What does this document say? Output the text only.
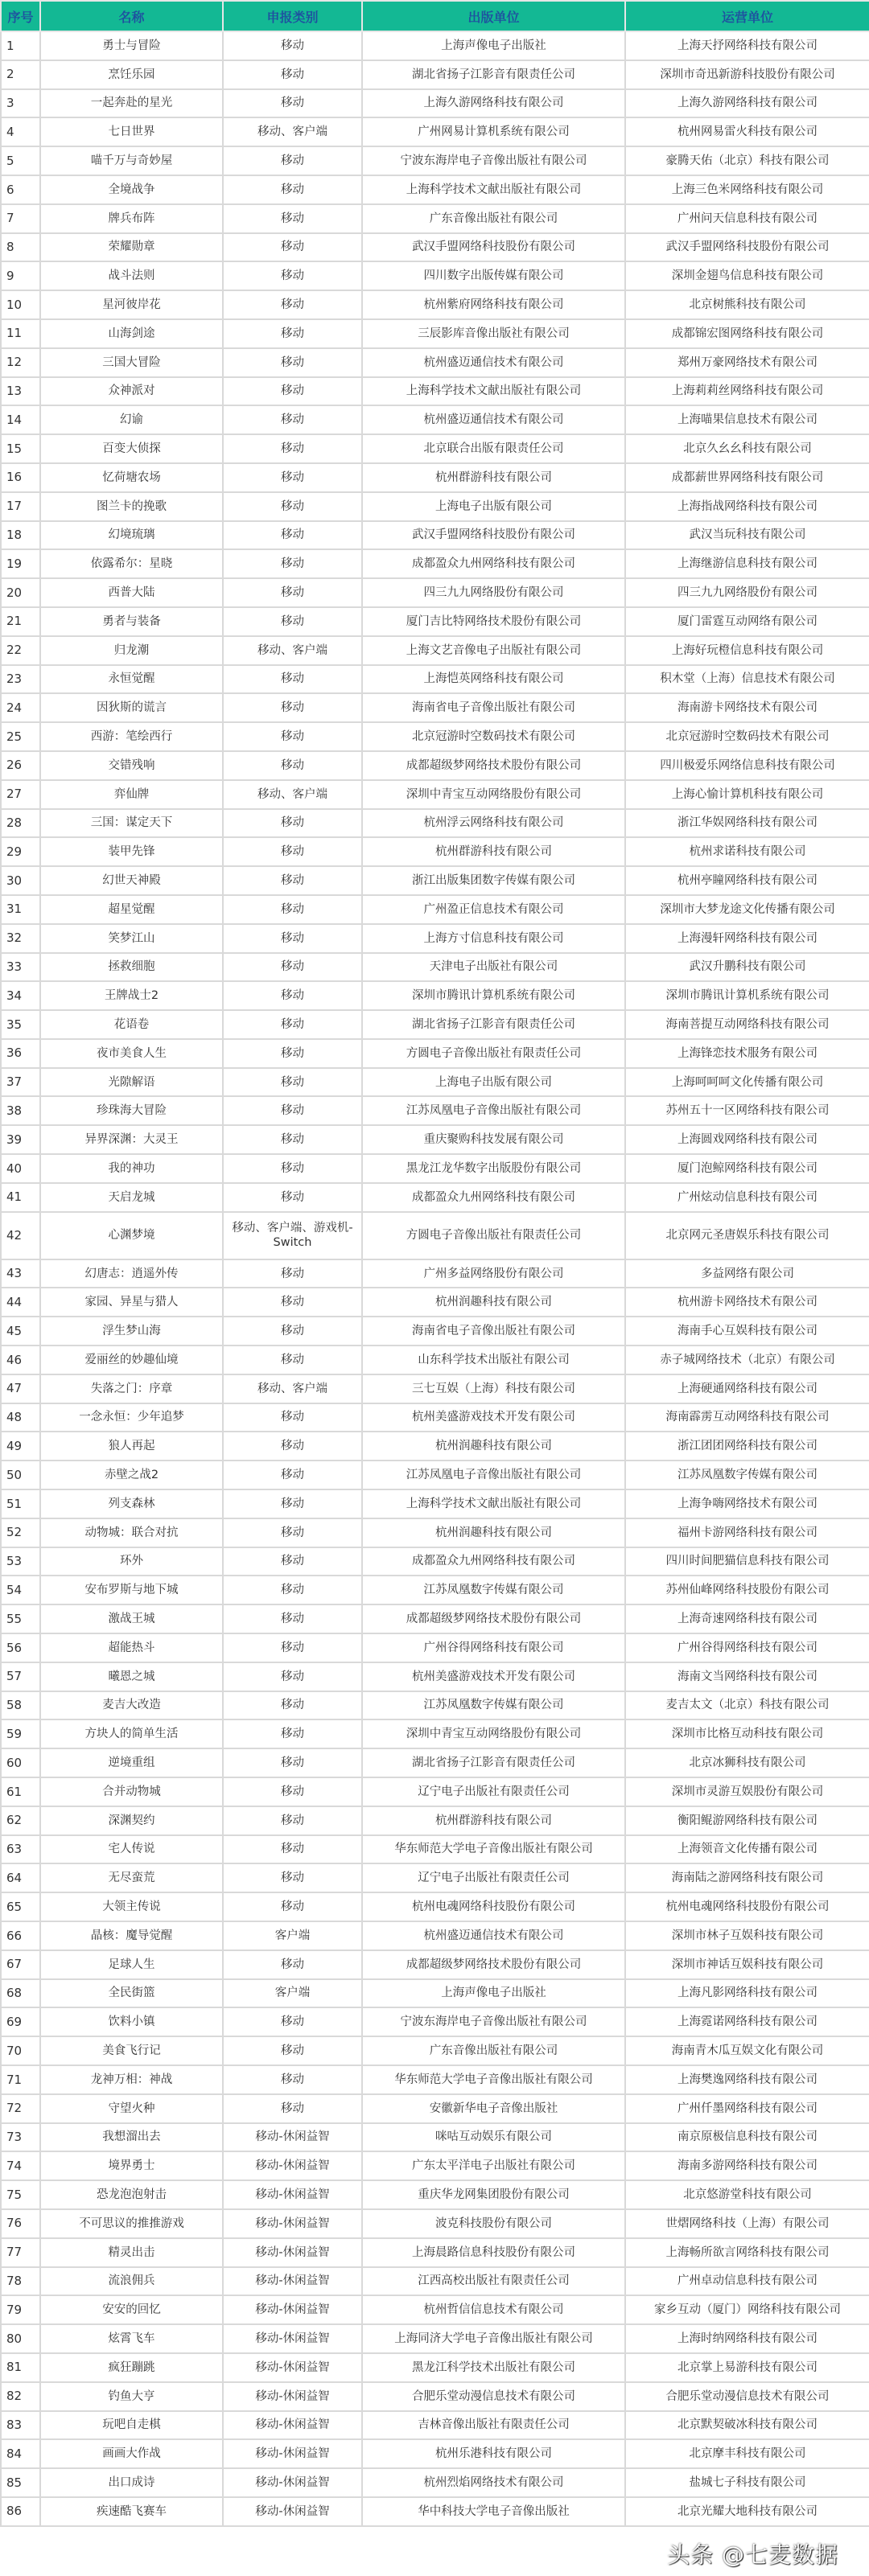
序号	名称	申报类别	出版单位	运营单位
1	勇士与冒险	移动	上海声像电子出版社	上海天抒网络科技有限公司
2	烹饪乐园	移动	湖北省扬子江影音有限责任公司	深圳市奇迅新游科技股份有限公司
3	一起奔赴的星光	移动	上海久游网络科技有限公司	上海久游网络科技有限公司
4	七日世界	移动、客户端	广州网易计算机系统有限公司	杭州网易雷火科技有限公司
5	喵千万与奇妙屋	移动	宁波东海岸电子音像出版社有限公司	豪腾天佑（北京）科技有限公司
6	全境战争	移动	上海科学技术文献出版社有限公司	上海三色米网络科技有限公司
7	牌兵布阵	移动	广东音像出版社有限公司	广州问天信息科技有限公司
8	荣耀勋章	移动	武汉手盟网络科技股份有限公司	武汉手盟网络科技股份有限公司
9	战斗法则	移动	四川数字出版传媒有限公司	深圳金翅鸟信息科技有限公司
10	星河彼岸花	移动	杭州紫府网络科技有限公司	北京树熊科技有限公司
11	山海剑途	移动	三辰影库音像出版社有限公司	成都锦宏图网络科技有限公司
12	三国大冒险	移动	杭州盛迈通信技术有限公司	郑州万豪网络技术有限公司
13	众神派对	移动	上海科学技术文献出版社有限公司	上海莉莉丝网络科技有限公司
14	幻谕	移动	杭州盛迈通信技术有限公司	上海喵果信息技术有限公司
15	百变大侦探	移动	北京联合出版有限责任公司	北京久幺幺科技有限公司
16	忆荷塘农场	移动	杭州群游科技有限公司	成都薪世界网络科技有限公司
17	图兰卡的挽歌	移动	上海电子出版有限公司	上海指战网络科技有限公司
18	幻境琉璃	移动	武汉手盟网络科技股份有限公司	武汉当玩科技有限公司
19	依露希尔：星晓	移动	成都盈众九州网络科技有限公司	上海继游信息科技有限公司
20	西普大陆	移动	四三九九网络股份有限公司	四三九九网络股份有限公司
21	勇者与装备	移动	厦门吉比特网络技术股份有限公司	厦门雷霆互动网络有限公司
22	归龙潮	移动、客户端	上海文艺音像电子出版社有限公司	上海好玩橙信息科技有限公司
23	永恒觉醒	移动	上海恺英网络科技有限公司	积木堂（上海）信息技术有限公司
24	因狄斯的谎言	移动	海南省电子音像出版社有限公司	海南游卡网络技术有限公司
25	西游：笔绘西行	移动	北京冠游时空数码技术有限公司	北京冠游时空数码技术有限公司
26	交错残响	移动	成都超级梦网络技术股份有限公司	四川极爱乐网络信息科技有限公司
27	弈仙牌	移动、客户端	深圳中青宝互动网络股份有限公司	上海心愉计算机科技有限公司
28	三国：谋定天下	移动	杭州浮云网络科技有限公司	浙江华娱网络科技有限公司
29	装甲先锋	移动	杭州群游科技有限公司	杭州求诺科技有限公司
30	幻世天神殿	移动	浙江出版集团数字传媒有限公司	杭州亭瞳网络科技有限公司
31	超星觉醒	移动	广州盈正信息技术有限公司	深圳市大梦龙途文化传播有限公司
32	笑梦江山	移动	上海方寸信息科技有限公司	上海漫轩网络科技有限公司
33	拯救细胞	移动	天津电子出版社有限公司	武汉升鹏科技有限公司
34	王牌战士2	移动	深圳市腾讯计算机系统有限公司	深圳市腾讯计算机系统有限公司
35	花语卷	移动	湖北省扬子江影音有限责任公司	海南菩提互动网络科技有限公司
36	夜市美食人生	移动	方圆电子音像出版社有限责任公司	上海锋恋技术服务有限公司
37	光隙解语	移动	上海电子出版有限公司	上海呵呵呵文化传播有限公司
38	珍珠海大冒险	移动	江苏凤凰电子音像出版社有限公司	苏州五十一区网络科技有限公司
39	异界深渊：大灵王	移动	重庆聚购科技发展有限公司	上海圆戏网络科技有限公司
40	我的神功	移动	黑龙江龙华数字出版股份有限公司	厦门泡鲸网络科技有限公司
41	天启龙城	移动	成都盈众九州网络科技有限公司	广州炫动信息科技有限公司
42	心渊梦境	移动、客户端、游戏机-Switch	方圆电子音像出版社有限责任公司	北京网元圣唐娱乐科技有限公司
43	幻唐志：逍遥外传	移动	广州多益网络股份有限公司	多益网络有限公司
44	家园、异星与猎人	移动	杭州润趣科技有限公司	杭州游卡网络技术有限公司
45	浮生梦山海	移动	海南省电子音像出版社有限公司	海南手心互娱科技有限公司
46	爱丽丝的妙趣仙境	移动	山东科学技术出版社有限公司	赤子城网络技术（北京）有限公司
47	失落之门：序章	移动、客户端	三七互娱（上海）科技有限公司	上海硬通网络科技有限公司
48	一念永恒：少年追梦	移动	杭州美盛游戏技术开发有限公司	海南霹雳互动网络科技有限公司
49	狼人再起	移动	杭州润趣科技有限公司	浙江团团网络科技有限公司
50	赤壁之战2	移动	江苏凤凰电子音像出版社有限公司	江苏凤凰数字传媒有限公司
51	列支森林	移动	上海科学技术文献出版社有限公司	上海争嗨网络技术有限公司
52	动物城：联合对抗	移动	杭州润趣科技有限公司	福州卡游网络科技有限公司
53	环外	移动	成都盈众九州网络科技有限公司	四川时间肥猫信息科技有限公司
54	安布罗斯与地下城	移动	江苏凤凰数字传媒有限公司	苏州仙峰网络科技股份有限公司
55	激战王城	移动	成都超级梦网络技术股份有限公司	上海奇速网络科技有限公司
56	超能热斗	移动	广州谷得网络科技有限公司	广州谷得网络科技有限公司
57	曦恩之城	移动	杭州美盛游戏技术开发有限公司	海南文当网络科技有限公司
58	麦吉大改造	移动	江苏凤凰数字传媒有限公司	麦吉太文（北京）科技有限公司
59	方块人的简单生活	移动	深圳中青宝互动网络股份有限公司	深圳市比格互动科技有限公司
60	逆境重组	移动	湖北省扬子江影音有限责任公司	北京冰狮科技有限公司
61	合并动物城	移动	辽宁电子出版社有限责任公司	深圳市灵游互娱股份有限公司
62	深渊契约	移动	杭州群游科技有限公司	衡阳鲲游网络科技有限公司
63	宅人传说	移动	华东师范大学电子音像出版社有限公司	上海领音文化传播有限公司
64	无尽蛮荒	移动	辽宁电子出版社有限责任公司	海南陆之游网络科技有限公司
65	大领主传说	移动	杭州电魂网络科技股份有限公司	杭州电魂网络科技股份有限公司
66	晶核：魔导觉醒	客户端	杭州盛迈通信技术有限公司	深圳市林子互娱科技有限公司
67	足球人生	移动	成都超级梦网络技术股份有限公司	深圳市神话互娱科技有限公司
68	全民街篮	客户端	上海声像电子出版社	上海凡影网络科技有限公司
69	饮料小镇	移动	宁波东海岸电子音像出版社有限公司	上海霓诺网络科技有限公司
70	美食飞行记	移动	广东音像出版社有限公司	海南青木瓜互娱文化有限公司
71	龙神万相：神战	移动	华东师范大学电子音像出版社有限公司	上海樊逸网络科技有限公司
72	守望火种	移动	安徽新华电子音像出版社	广州仟墨网络科技有限公司
73	我想溜出去	移动-休闲益智	咪咕互动娱乐有限公司	南京原极信息科技有限公司
74	境界勇士	移动-休闲益智	广东太平洋电子出版社有限公司	海南多游网络科技有限公司
75	恐龙泡泡射击	移动-休闲益智	重庆华龙网集团股份有限公司	北京悠游堂科技有限公司
76	不可思议的推推游戏	移动-休闲益智	波克科技股份有限公司	世熠网络科技（上海）有限公司
77	精灵出击	移动-休闲益智	上海晨路信息科技股份有限公司	上海畅所欲言网络科技有限公司
78	流浪佣兵	移动-休闲益智	江西高校出版社有限责任公司	广州卓动信息科技有限公司
79	安安的回忆	移动-休闲益智	杭州哲信信息技术有限公司	家乡互动（厦门）网络科技有限公司
80	炫霄飞车	移动-休闲益智	上海同济大学电子音像出版社有限公司	上海时纳网络科技有限公司
81	疯狂蹦跳	移动-休闲益智	黑龙江科学技术出版社有限公司	北京掌上易游科技有限公司
82	钓鱼大亨	移动-休闲益智	合肥乐堂动漫信息技术有限公司	合肥乐堂动漫信息技术有限公司
83	玩吧自走棋	移动-休闲益智	吉林音像出版社有限责任公司	北京默契破冰科技有限公司
84	画画大作战	移动-休闲益智	杭州乐港科技有限公司	北京摩丰科技有限公司
85	出口成诗	移动-休闲益智	杭州烈焰网络技术有限公司	盐城七子科技有限公司
86	疾速酷飞赛车	移动-休闲益智	华中科技大学电子音像出版社	北京光耀大地科技有限公司
头条 @七麦数据
